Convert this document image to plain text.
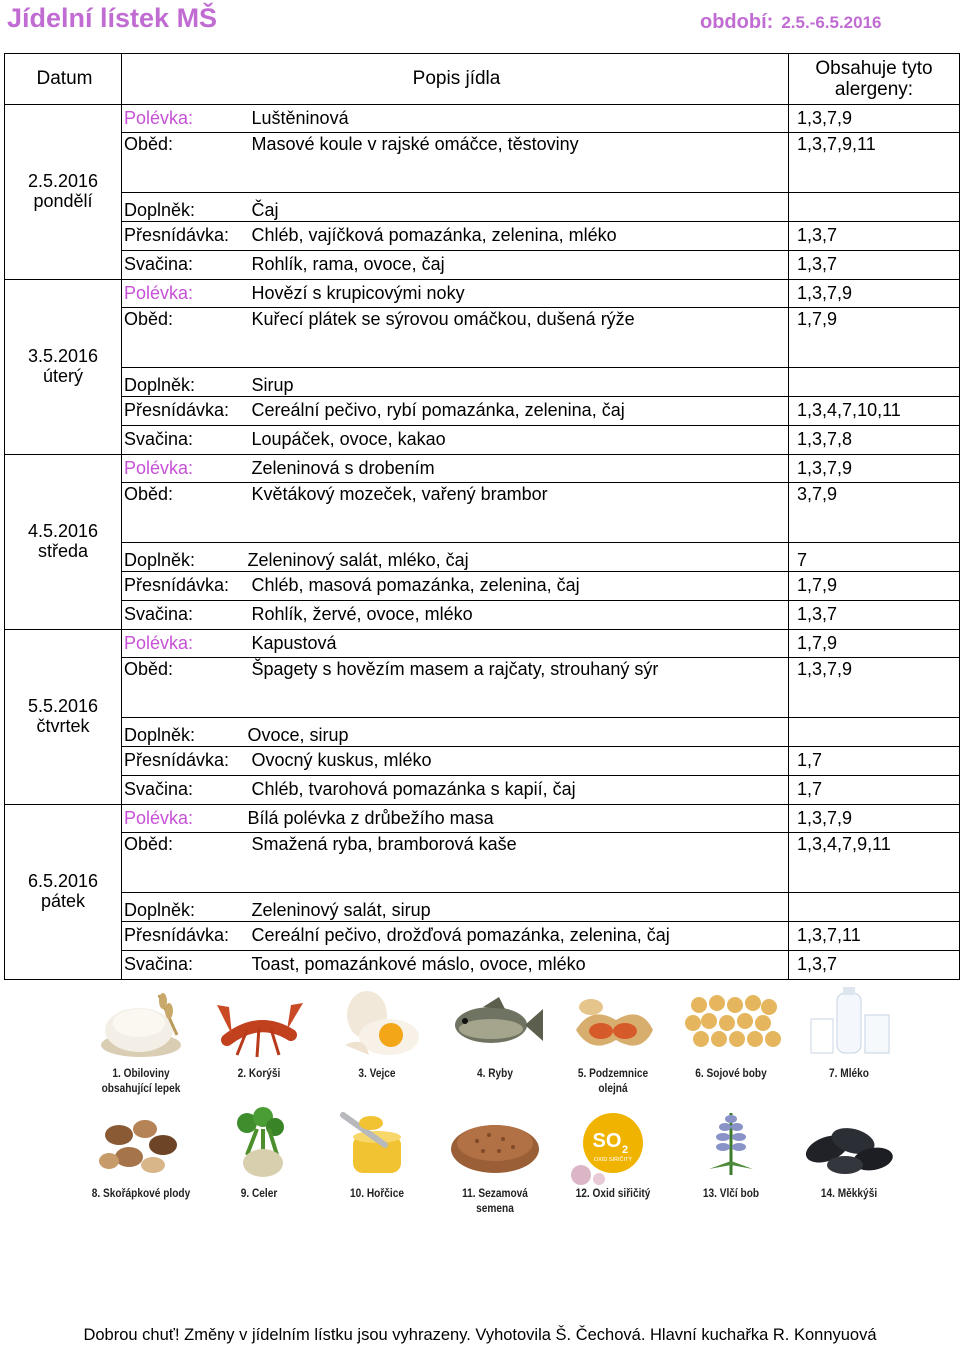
Jídelní lístek MŠ	období: 2.5.-6.5.2016
Datum	Popis jídla		Obsahuje tyto alergeny:

2.5.2016
pondělí	Polévka:	Luštěninová	1,3,7,9
	Oběd:	Masové koule v rajské omáčce, těstoviny	1,3,7,9,11
	Doplněk:	Čaj	
	Přesnídávka:	Chléb, vajíčková pomazánka, zelenina, mléko	1,3,7
	Svačina:	Rohlík, rama, ovoce, čaj	1,3,7

3.5.2016
úterý	Polévka:	Hovězí s krupicovými noky	1,3,7,9
	Oběd:	Kuřecí plátek se sýrovou omáčkou, dušená rýže	1,7,9
	Doplněk:	Sirup	
	Přesnídávka:	Cereální pečivo, rybí pomazánka, zelenina, čaj	1,3,4,7,10,11
	Svačina:	Loupáček, ovoce, kakao	1,3,7,8

4.5.2016
středa	Polévka:	Zeleninová s drobením	1,3,7,9
	Oběd:	Květákový mozeček, vařený brambor	3,7,9
	Doplněk:	Zeleninový salát, mléko, čaj	7
	Přesnídávka:	Chléb, masová pomazánka, zelenina, čaj	1,7,9
	Svačina:	Rohlík, žervé, ovoce, mléko	1,3,7

5.5.2016
čtvrtek	Polévka:	Kapustová	1,7,9
	Oběd:	Špagety s hovězím masem a rajčaty, strouhaný sýr	1,3,7,9
	Doplněk:	Ovoce, sirup	
	Přesnídávka:	Ovocný kuskus, mléko	1,7
	Svačina:	Chléb, tvarohová pomazánka s kapií, čaj	1,7

6.5.2016
pátek	Polévka:	Bílá polévka z drůbežího masa	1,3,7,9
	Oběd:	Smažená ryba, bramborová kaše	1,3,4,7,9,11
	Doplněk:	Zeleninový salát, sirup	
	Přesnídávka:	Cereální pečivo, drožďová pomazánka, zelenina, čaj	1,3,7,11
	Svačina:	Toast, pomazánkové máslo, ovoce, mléko	1,3,7
1. Obiloviny
obsahující lepek
2. Korýši	3. Vejce	4. Ryby	5. Podzemnice
olejná
6. Sojové boby	7. Mléko
8. Skořápkové plody	9. Celer	10. Hořčice	11. Sezamová
semena
SO 2
OXID SIŘIČITÝ
12. Oxid siřičitý	13. Vlčí bob	14. Měkkýši
Dobrou chuť! Změny v jídelním lístku jsou vyhrazeny. Vyhotovila Š. Čechová. Hlavní kuchařka R. Konnyuová
